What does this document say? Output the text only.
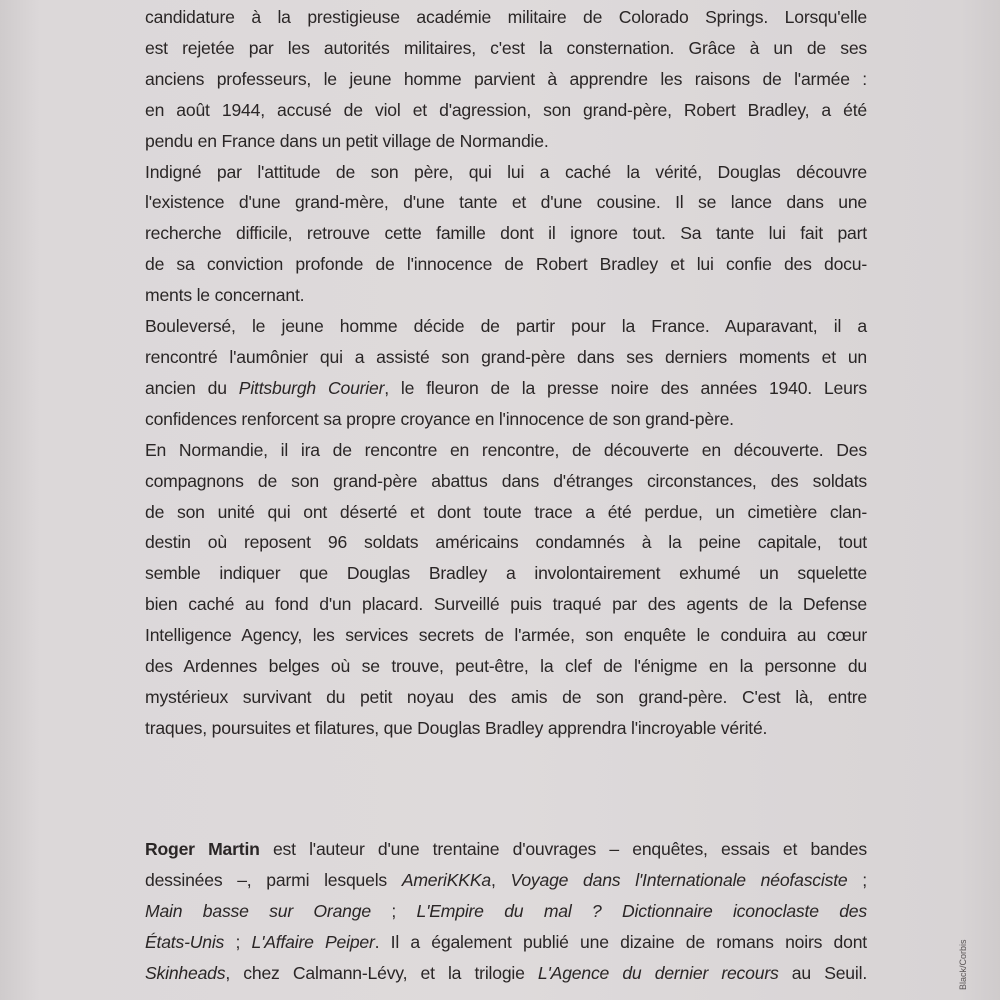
candidature à la prestigieuse académie militaire de Colorado Springs. Lorsqu'elle
est rejetée par les autorités militaires, c'est la consternation. Grâce à un de ses
anciens professeurs, le jeune homme parvient à apprendre les raisons de l'armée :
en août 1944, accusé de viol et d'agression, son grand-père, Robert Bradley, a été
pendu en France dans un petit village de Normandie.
Indigné par l'attitude de son père, qui lui a caché la vérité, Douglas découvre
l'existence d'une grand-mère, d'une tante et d'une cousine. Il se lance dans une
recherche difficile, retrouve cette famille dont il ignore tout. Sa tante lui fait part
de sa conviction profonde de l'innocence de Robert Bradley et lui confie des docu-
ments le concernant.
Bouleversé, le jeune homme décide de partir pour la France. Auparavant, il a
rencontré l'aumônier qui a assisté son grand-père dans ses derniers moments et un
ancien du Pittsburgh Courier, le fleuron de la presse noire des années 1940. Leurs
confidences renforcent sa propre croyance en l'innocence de son grand-père.
En Normandie, il ira de rencontre en rencontre, de découverte en découverte. Des
compagnons de son grand-père abattus dans d'étranges circonstances, des soldats
de son unité qui ont déserté et dont toute trace a été perdue, un cimetière clan-
destin où reposent 96 soldats américains condamnés à la peine capitale, tout
semble indiquer que Douglas Bradley a involontairement exhumé un squelette
bien caché au fond d'un placard. Surveillé puis traqué par des agents de la Defense
Intelligence Agency, les services secrets de l'armée, son enquête le conduira au cœur
des Ardennes belges où se trouve, peut-être, la clef de l'énigme en la personne du
mystérieux survivant du petit noyau des amis de son grand-père. C'est là, entre
traques, poursuites et filatures, que Douglas Bradley apprendra l'incroyable vérité.
Roger Martin est l'auteur d'une trentaine d'ouvrages – enquêtes, essais et bandes
dessinées –, parmi lesquels AmeriKKKa, Voyage dans l'Internationale néofasciste ;
Main basse sur Orange ; L'Empire du mal ? Dictionnaire iconoclaste des
États-Unis ; L'Affaire Peiper. Il a également publié une dizaine de romans noirs dont
Skinheads, chez Calmann-Lévy, et la trilogie L'Agence du dernier recours au Seuil.	Black/Corbis
